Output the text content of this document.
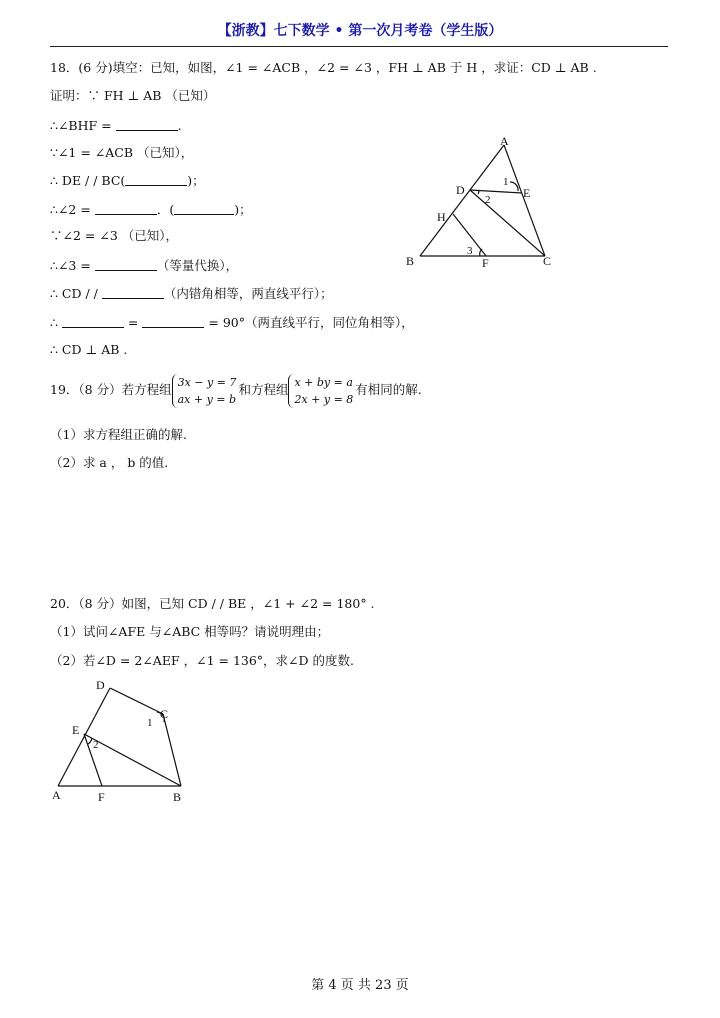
【浙教】七下数学 • 第一次月考卷（学生版）
18．(6 分)填空：已知，如图，∠1 = ∠ACB ，∠2 = ∠3 ，FH ⊥ AB 于 H ，求证：CD ⊥ AB .
证明：∵ FH ⊥ AB （已知）
∴∠BHF =	.
∵∠1 = ∠ACB （已知），
∴ DE / / BC(	)；
∴∠2 =	．(	)；
∵∠2 = ∠3 （已知），
∴∠3 =	（等量代换），
∴ CD / /	（内错角相等，两直线平行）；
∴	=	= 90°（两直线平行，同位角相等），
∴ CD ⊥ AB .
A
B	C
D	E
H
F
1
2
3
19．（8 分）若方程组 3x − y = 7
ax + y = b
和方程组 x + by = a
2x + y = 8
有相同的解.
（1）求方程组正确的解.
（2）求 a ， b 的值.
20．（8 分）如图，已知 CD / / BE ，∠1 + ∠2 = 180° .
（1）试问∠AFE 与∠ABC 相等吗？请说明理由；
（2）若∠D = 2∠AEF ，∠1 = 136°，求∠D 的度数.
D
C
E
A	F	B
1
2
第 4 页 共 23 页
